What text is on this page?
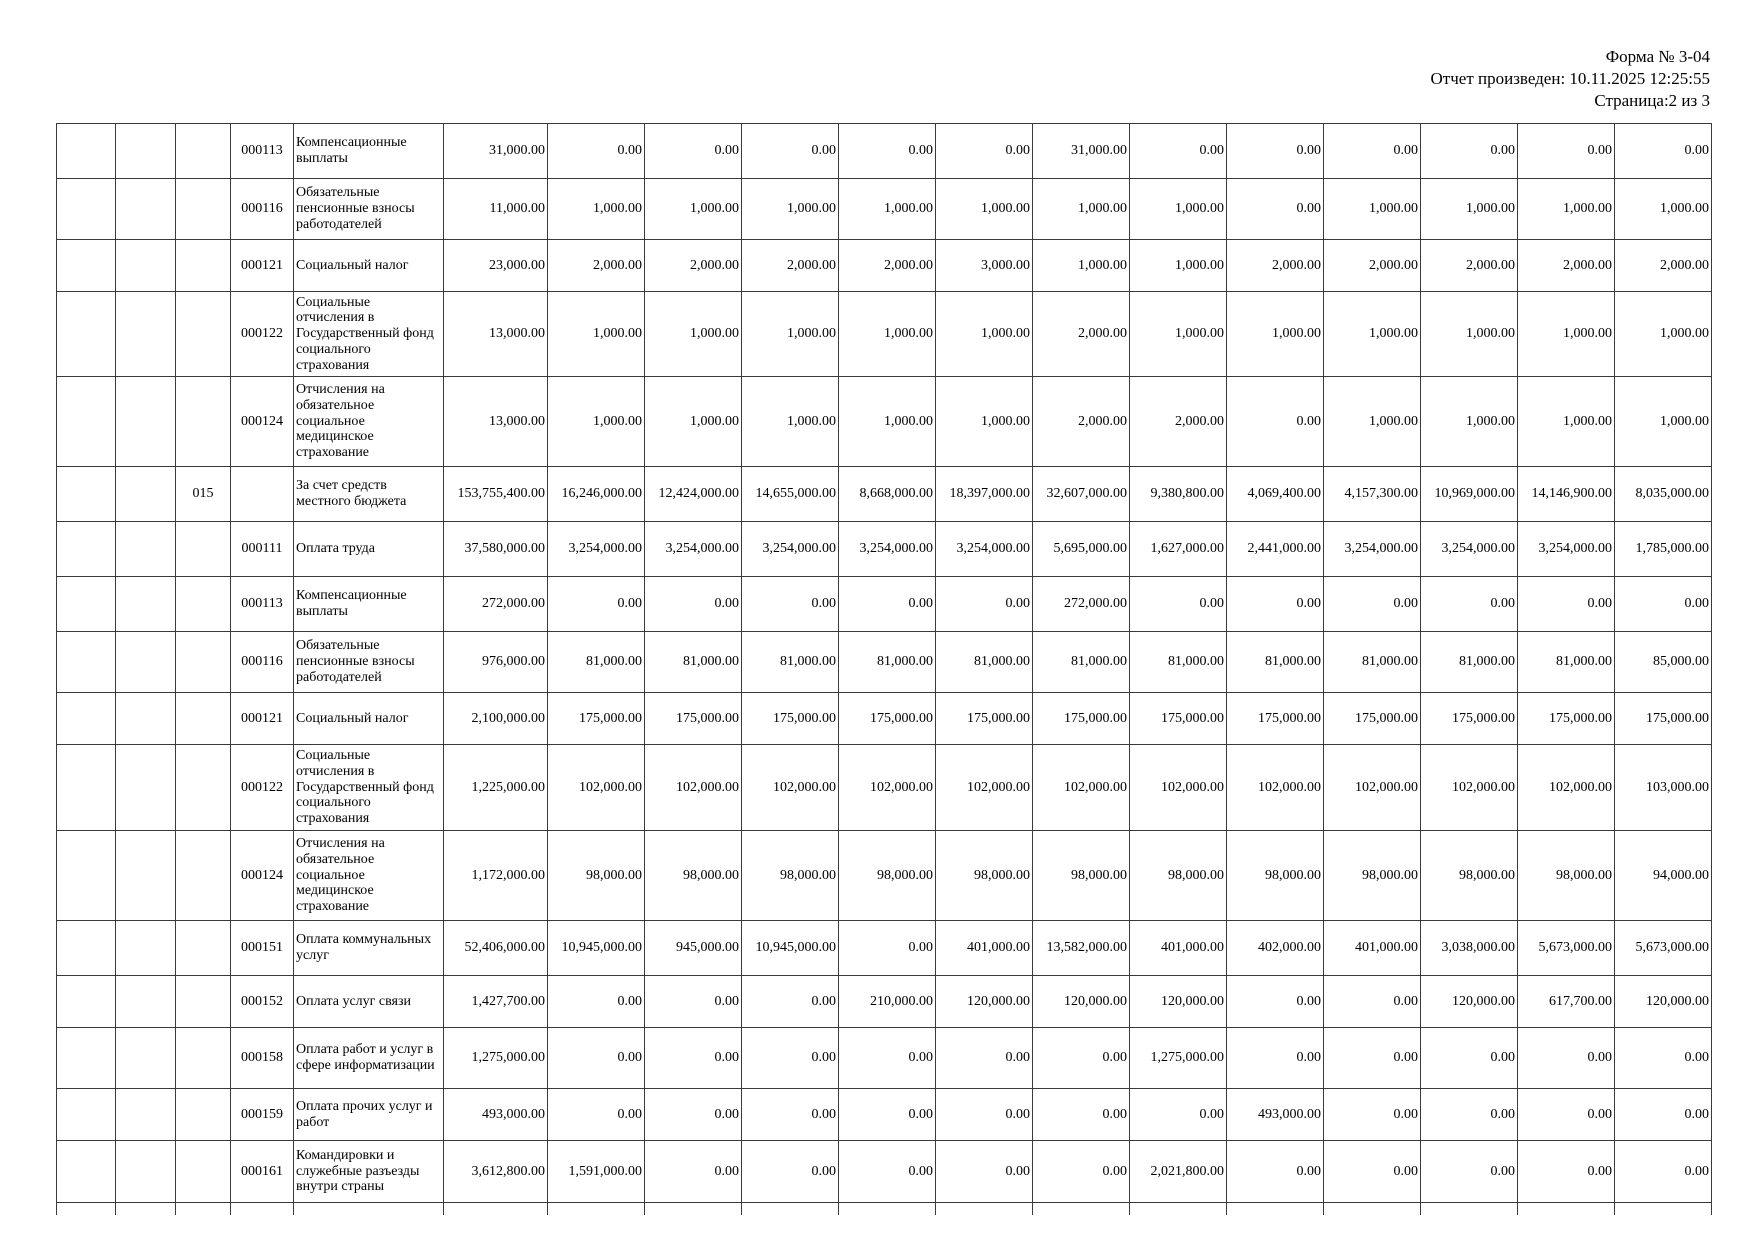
Форма № 3-04
Отчет произведен: 10.11.2025 12:25:55
Страница:2 из 3
			000113	Компенсационные выплаты	31,000.00	0.00	0.00	0.00	0.00	0.00	31,000.00	0.00	0.00	0.00	0.00	0.00	0.00
			000116	Обязательные пенсионные взносы работодателей	11,000.00	1,000.00	1,000.00	1,000.00	1,000.00	1,000.00	1,000.00	1,000.00	0.00	1,000.00	1,000.00	1,000.00	1,000.00
			000121	Социальный налог	23,000.00	2,000.00	2,000.00	2,000.00	2,000.00	3,000.00	1,000.00	1,000.00	2,000.00	2,000.00	2,000.00	2,000.00	2,000.00
			000122	Социальные отчисления в Государственный фонд социального страхования	13,000.00	1,000.00	1,000.00	1,000.00	1,000.00	1,000.00	2,000.00	1,000.00	1,000.00	1,000.00	1,000.00	1,000.00	1,000.00
			000124	Отчисления на обязательное социальное медицинское страхование	13,000.00	1,000.00	1,000.00	1,000.00	1,000.00	1,000.00	2,000.00	2,000.00	0.00	1,000.00	1,000.00	1,000.00	1,000.00
		015		За счет средств местного бюджета	153,755,400.00	16,246,000.00	12,424,000.00	14,655,000.00	8,668,000.00	18,397,000.00	32,607,000.00	9,380,800.00	4,069,400.00	4,157,300.00	10,969,000.00	14,146,900.00	8,035,000.00
			000111	Оплата труда	37,580,000.00	3,254,000.00	3,254,000.00	3,254,000.00	3,254,000.00	3,254,000.00	5,695,000.00	1,627,000.00	2,441,000.00	3,254,000.00	3,254,000.00	3,254,000.00	1,785,000.00
			000113	Компенсационные выплаты	272,000.00	0.00	0.00	0.00	0.00	0.00	272,000.00	0.00	0.00	0.00	0.00	0.00	0.00
			000116	Обязательные пенсионные взносы работодателей	976,000.00	81,000.00	81,000.00	81,000.00	81,000.00	81,000.00	81,000.00	81,000.00	81,000.00	81,000.00	81,000.00	81,000.00	85,000.00
			000121	Социальный налог	2,100,000.00	175,000.00	175,000.00	175,000.00	175,000.00	175,000.00	175,000.00	175,000.00	175,000.00	175,000.00	175,000.00	175,000.00	175,000.00
			000122	Социальные отчисления в Государственный фонд социального страхования	1,225,000.00	102,000.00	102,000.00	102,000.00	102,000.00	102,000.00	102,000.00	102,000.00	102,000.00	102,000.00	102,000.00	102,000.00	103,000.00
			000124	Отчисления на обязательное социальное медицинское страхование	1,172,000.00	98,000.00	98,000.00	98,000.00	98,000.00	98,000.00	98,000.00	98,000.00	98,000.00	98,000.00	98,000.00	98,000.00	94,000.00
			000151	Оплата коммунальных услуг	52,406,000.00	10,945,000.00	945,000.00	10,945,000.00	0.00	401,000.00	13,582,000.00	401,000.00	402,000.00	401,000.00	3,038,000.00	5,673,000.00	5,673,000.00
			000152	Оплата услуг связи	1,427,700.00	0.00	0.00	0.00	210,000.00	120,000.00	120,000.00	120,000.00	0.00	0.00	120,000.00	617,700.00	120,000.00
			000158	Оплата работ и услуг в сфере информатизации	1,275,000.00	0.00	0.00	0.00	0.00	0.00	0.00	1,275,000.00	0.00	0.00	0.00	0.00	0.00
			000159	Оплата прочих услуг и работ	493,000.00	0.00	0.00	0.00	0.00	0.00	0.00	0.00	493,000.00	0.00	0.00	0.00	0.00
			000161	Командировки и служебные разъезды внутри страны	3,612,800.00	1,591,000.00	0.00	0.00	0.00	0.00	0.00	2,021,800.00	0.00	0.00	0.00	0.00	0.00
